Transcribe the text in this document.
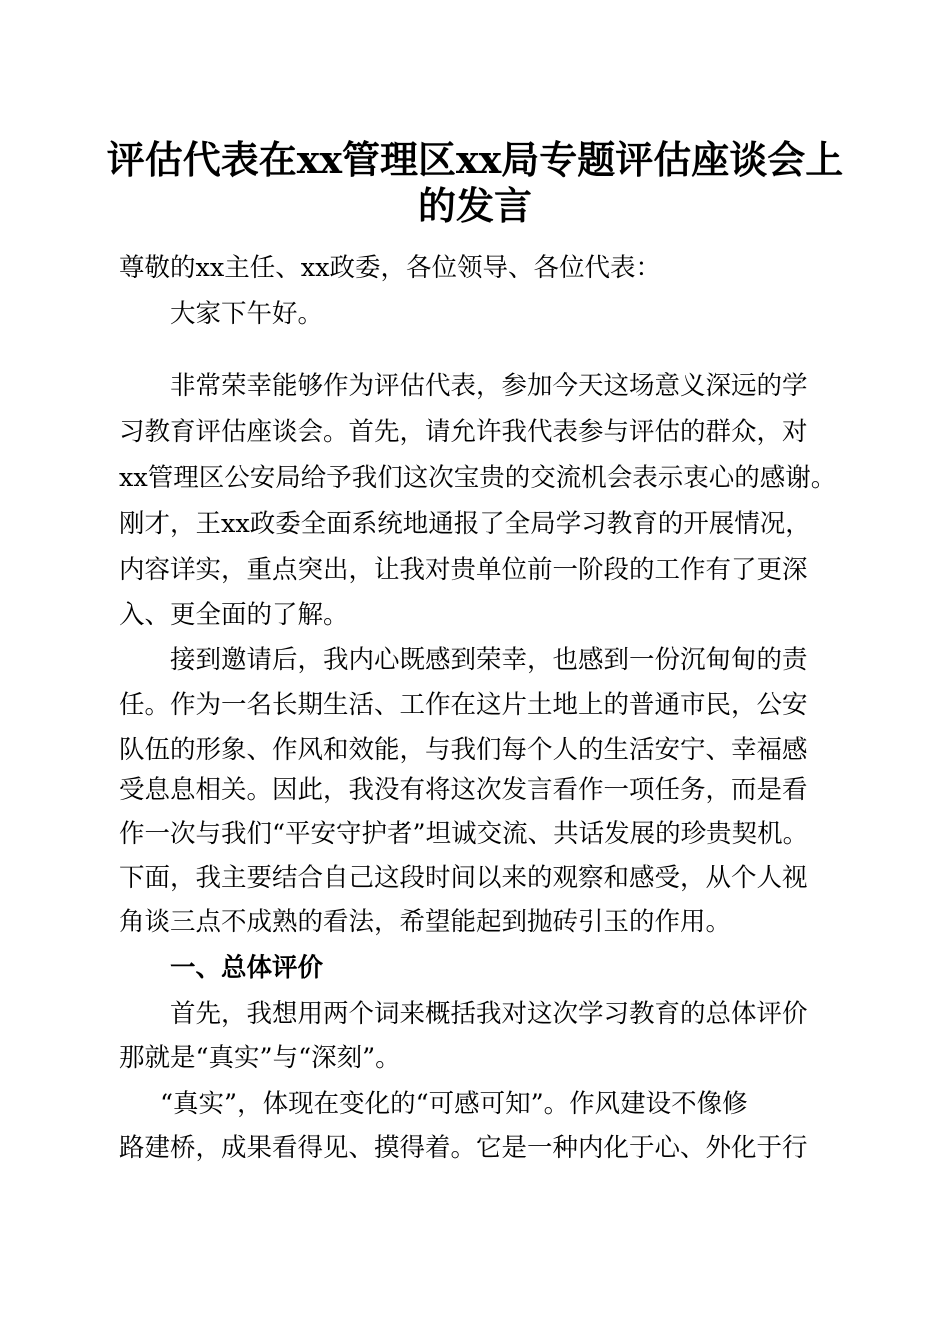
评估代表在xx管理区xx局专题评估座谈会上
的发言
尊敬的xx主任、xx政委，各位领导、各位代表：
大家下午好。
非常荣幸能够作为评估代表，参加今天这场意义深远的学
习教育评估座谈会。首先，请允许我代表参与评估的群众，对
xx管理区公安局给予我们这次宝贵的交流机会表示衷心的感谢。
刚才，王xx政委全面系统地通报了全局学习教育的开展情况，
内容详实，重点突出，让我对贵单位前一阶段的工作有了更深
入、更全面的了解。
接到邀请后，我内心既感到荣幸，也感到一份沉甸甸的责
任。作为一名长期生活、工作在这片土地上的普通市民，公安
队伍的形象、作风和效能，与我们每个人的生活安宁、幸福感
受息息相关。因此，我没有将这次发言看作一项任务，而是看
作一次与我们“平安守护者”坦诚交流、共话发展的珍贵契机。
下面，我主要结合自己这段时间以来的观察和感受，从个人视
角谈三点不成熟的看法，希望能起到抛砖引玉的作用。
一、总体评价
首先，我想用两个词来概括我对这次学习教育的总体评价
那就是“真实”与“深刻”。
“真实”，体现在变化的“可感可知”。作风建设不像修
路建桥，成果看得见、摸得着。它是一种内化于心、外化于行
